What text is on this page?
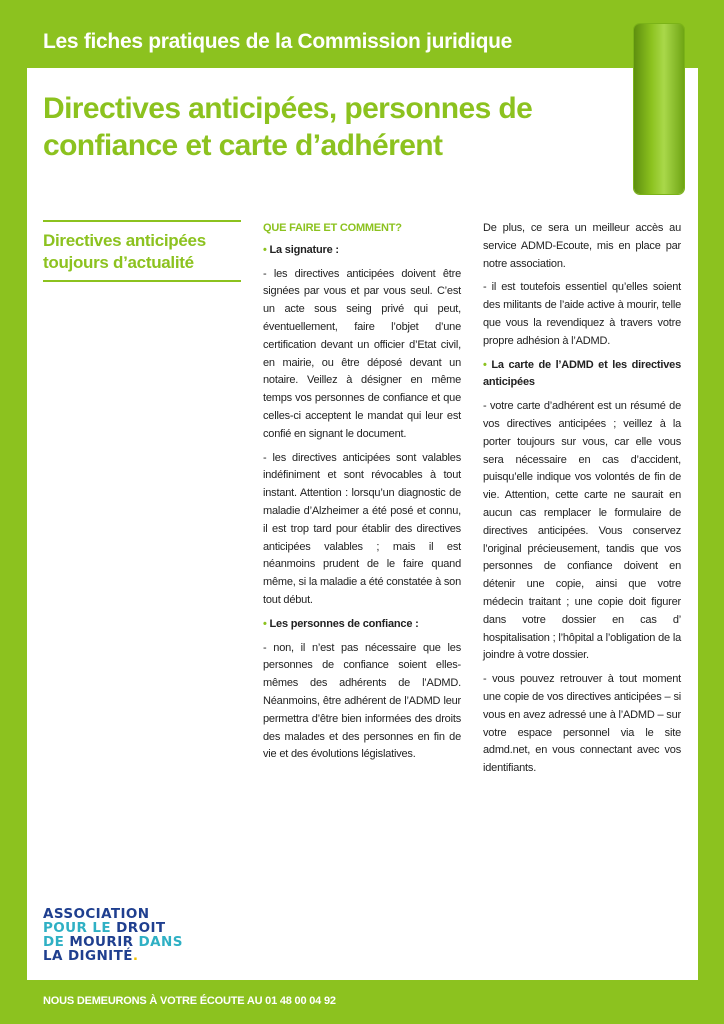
Les fiches pratiques de la Commission juridique
Directives anticipées, personnes de confiance et carte d’adhérent
Directives anticipées toujours d’actualité

QUE FAIRE ET COMMENT?

• La signature :

- les directives anticipées doivent être signées par vous et par vous seul. C’est un acte sous seing privé qui peut, éventuellement, faire l’objet d’une certification devant un officier d’Etat civil, en mairie, ou être déposé devant un notaire. Veillez à désigner en même temps vos personnes de confiance et que celles-ci acceptent le mandat qui leur est confié en signant le document.

- les directives anticipées sont valables indéfiniment et sont révocables à tout instant. Attention : lorsqu’un diagnostic de maladie d’Alzheimer a été posé et connu, il est trop tard pour établir des directives anticipées valables ; mais il est néanmoins prudent de le faire quand même, si la maladie a été constatée à son tout début.

• Les personnes de confiance :

- non, il n’est pas nécessaire que les personnes de confiance soient elles-mêmes des adhérents de l’ADMD. Néanmoins, être adhérent de l’ADMD leur permettra d’être bien informées des droits des malades et des personnes en fin de vie et des évolutions législatives.

De plus, ce sera un meilleur accès au service ADMD-Ecoute, mis en place par notre association.

- il est toutefois essentiel qu’elles soient des militants de l’aide active à mourir, telle que vous la revendiquez à travers votre propre adhésion à l’ADMD.

• La carte de l’ADMD et les directives anticipées

- votre carte d’adhérent est un résumé de vos directives anticipées ; veillez à la porter toujours sur vous, car elle vous sera nécessaire en cas d’accident, puisqu’elle indique vos volontés de fin de vie. Attention, cette carte ne saurait en aucun cas remplacer le formulaire de directives anticipées. Vous conservez l’original précieusement, tandis que vos personnes de confiance doivent en détenir une copie, ainsi que votre médecin traitant ; une copie doit figurer dans votre dossier en cas d’ hospitalisation ; l’hôpital a l’obligation de la joindre à votre dossier.

- vous pouvez retrouver à tout moment une copie de vos directives anticipées – si vous en avez adressé une à l’ADMD – sur votre espace personnel via le site admd.net, en vous connectant avec vos identifiants.

ASSOCIATION
POUR LE DROIT
DE MOURIR DANS
LA DIGNITÉ.
NOUS DEMEURONS À VOTRE ÉCOUTE AU 01 48 00 04 92
